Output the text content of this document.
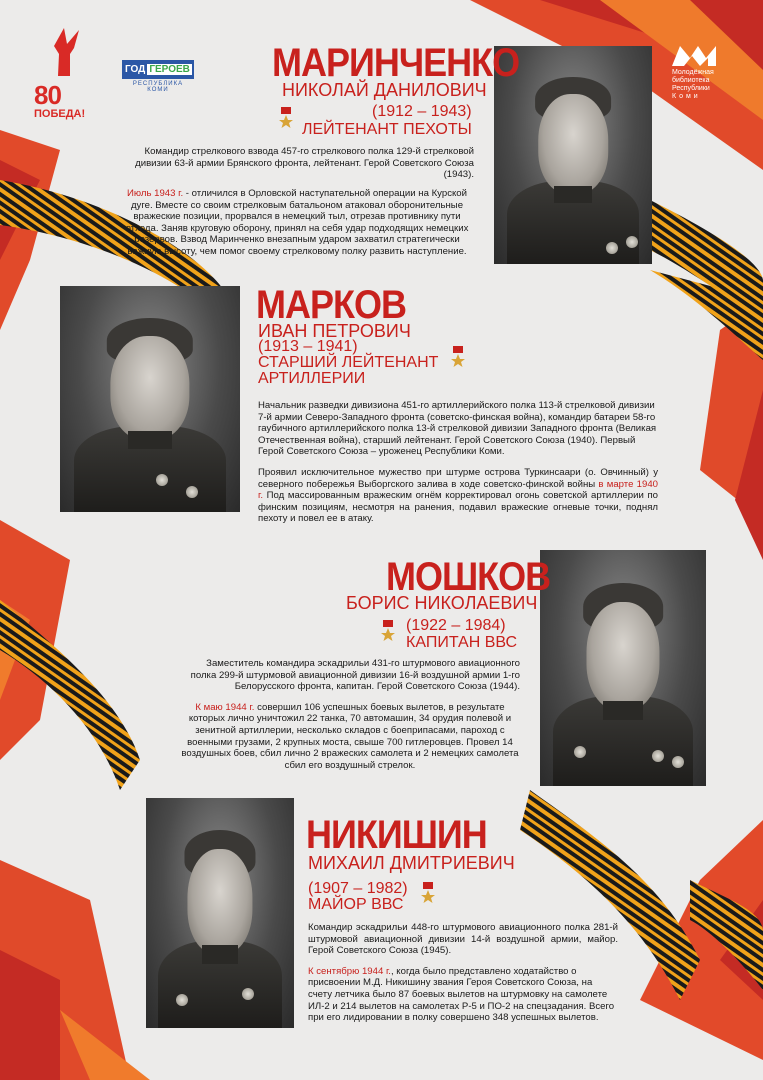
80
ПОБЕДА!
ГОД ГЕРОЕВ
РЕСПУБЛИКА КОМИ
Молодёжная
библиотека
Республики
Коми
МАРИНЧЕНКО
НИКОЛАЙ ДАНИЛОВИЧ
(1912 – 1943)
ЛЕЙТЕНАНТ ПЕХОТЫ

Командир стрелкового взвода 457-го стрелкового полка 129-й стрелковой дивизии 63-й армии Брянского фронта, лейтенант. Герой Советского Союза (1943).

Июль 1943 г. - отличился в Орловской наступательной операции на Курской дуге. Вместе со своим стрелковым батальоном атаковал оборонительные вражеские позиции, прорвался в немецкий тыл, отрезав противнику пути отхода. Заняв круговую оборону, принял на себя удар подходящих немецких резервов. Взвод Маринченко внезапным ударом захватил стратегически важную высоту, чем помог своему стрелковому полку развить наступление.

МАРКОВ
ИВАН ПЕТРОВИЧ
(1913 – 1941)
СТАРШИЙ ЛЕЙТЕНАНТ
АРТИЛЛЕРИИ

Начальник разведки дивизиона 451-го артиллерийского полка 113-й стрелковой дивизии 7-й армии Северо-Западного фронта (советско-финская война), командир батареи 58-го гаубичного артиллерийского полка 13-й стрелковой дивизии Западного фронта (Великая Отечественная война), старший лейтенант. Герой Советского Союза (1940). Первый Герой Советского Союза – уроженец Республики Коми.

Проявил исключительное мужество при штурме острова Туркинсаари (о. Овчинный) у северного побережья Выборгского залива в ходе советско-финской войны в марте 1940 г. Под массированным вражеским огнём корректировал огонь советской артиллерии по финским позициям, несмотря на ранения, подавил вражеские огневые точки, поднял пехоту и повел ее в атаку.

МОШКОВ
БОРИС НИКОЛАЕВИЧ
(1922 – 1984)
КАПИТАН ВВС

Заместитель командира эскадрильи 431-го штурмового авиационного полка 299-й штурмовой авиационной дивизии 16-й воздушной армии 1-го Белорусского фронта, капитан. Герой Советского Союза (1944).

К маю 1944 г. совершил 106 успешных боевых вылетов, в результате которых лично уничтожил 22 танка, 70 автомашин, 34 орудия полевой и зенитной артиллерии, несколько складов с боеприпасами, пароход с военными грузами, 2 крупных моста, свыше 700 гитлеровцев. Провел 14 воздушных боев, сбил лично 2 вражеских самолета и 2 немецких самолета сбил его воздушный стрелок.

НИКИШИН
МИХАИЛ ДМИТРИЕВИЧ
(1907 – 1982)
МАЙОР ВВС

Командир эскадрильи 448-го штурмового авиационного полка 281-й штурмовой авиационной дивизии 14-й воздушной армии, майор. Герой Советского Союза (1945).

К сентябрю 1944 г., когда было представлено ходатайство о присвоении М.Д. Никишину звания Героя Советского Союза, на счету летчика было 87 боевых вылетов на штурмовку на самолете ИЛ-2 и 214 вылетов на самолетах Р-5 и ПО-2 на спецзадания. Всего при его лидировании в полку совершено 348 успешных вылетов.
